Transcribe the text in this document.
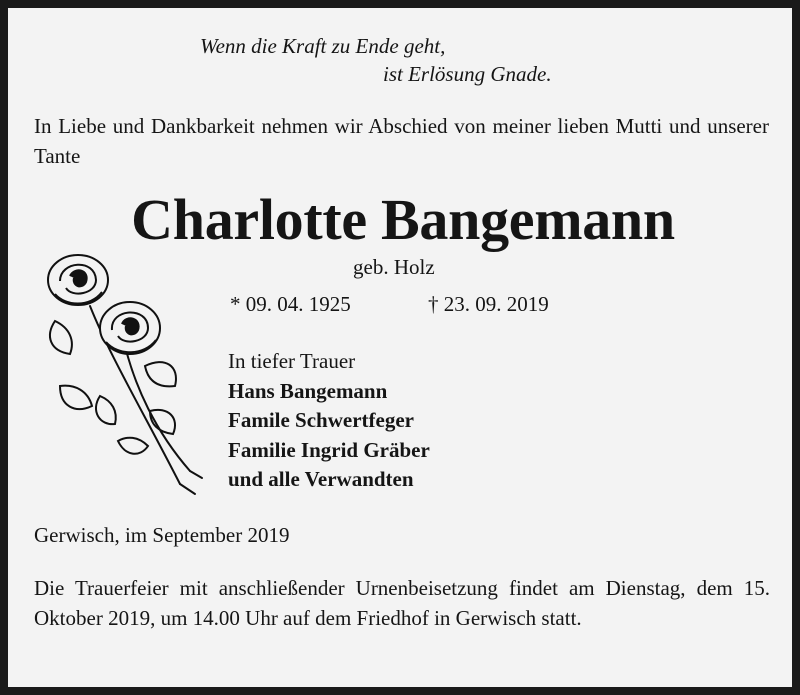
Wenn die Kraft zu Ende geht,
ist Erlösung Gnade.
In Liebe und Dankbarkeit nehmen wir Abschied von meiner lieben Mutti und unserer Tante
Charlotte Bangemann
geb. Holz
* 09. 04. 1925	† 23. 09. 2019
In tiefer Trauer
Hans Bangemann
Famile Schwertfeger
Familie Ingrid Gräber
und alle Verwandten
Gerwisch, im September 2019
Die Trauerfeier mit anschließender Urnenbeisetzung findet am Dienstag, dem 15. Oktober 2019, um 14.00 Uhr auf dem Friedhof in Gerwisch statt.
